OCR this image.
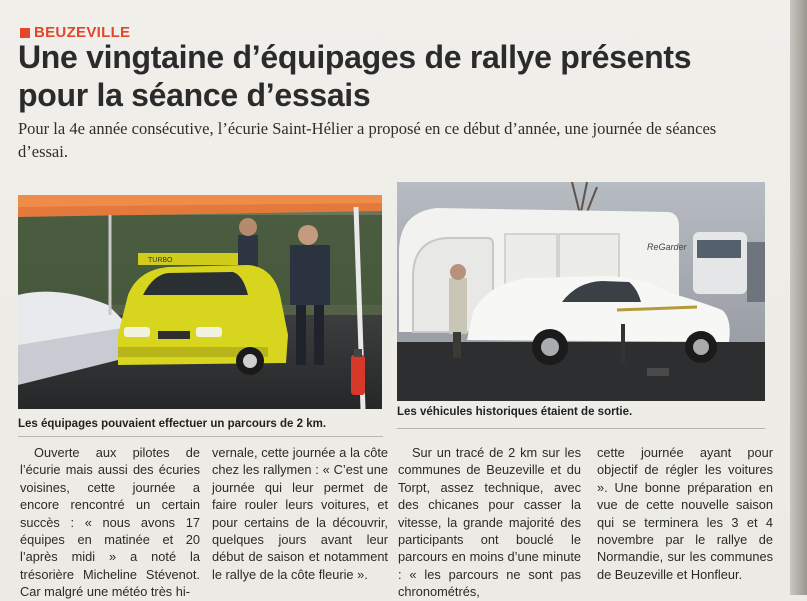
BEUZEVILLE
Une vingtaine d’équipages de rallye présents pour la séance d’essais

Pour la 4e année consécutive, l’écurie Saint-Hélier a proposé en ce début d’année, une journée de séances d’essai.

TURBO

Les équipages pouvaient effectuer un parcours de 2 km.

ReGarder

Les véhicules historiques étaient de sortie.

Ouverte aux pilotes de l’écurie mais aussi des écuries voisines, cette journée a encore rencontré un certain succès : « nous avons 17 équipes en matinée et 20 l’après midi » a noté la trésorière Micheline Stévenot. Car malgré une météo très hi-

vernale, cette journée a la côte chez les rallymen : « C’est une journée qui leur permet de faire rouler leurs voitures, et pour certains de la découvrir, quelques jours avant leur début de saison et notamment le rallye de la côte fleurie ».

Sur un tracé de 2 km sur les communes de Beuzeville et du Torpt, assez technique, avec des chicanes pour casser la vitesse, la grande majorité des participants ont bouclé le parcours en moins d’une minute : « les parcours ne sont pas chronométrés,

cette journée ayant pour objectif de régler les voitures ». Une bonne préparation en vue de cette nouvelle saison qui se terminera les 3 et 4 novembre par le rallye de Normandie, sur les communes de Beuzeville et Honfleur.
